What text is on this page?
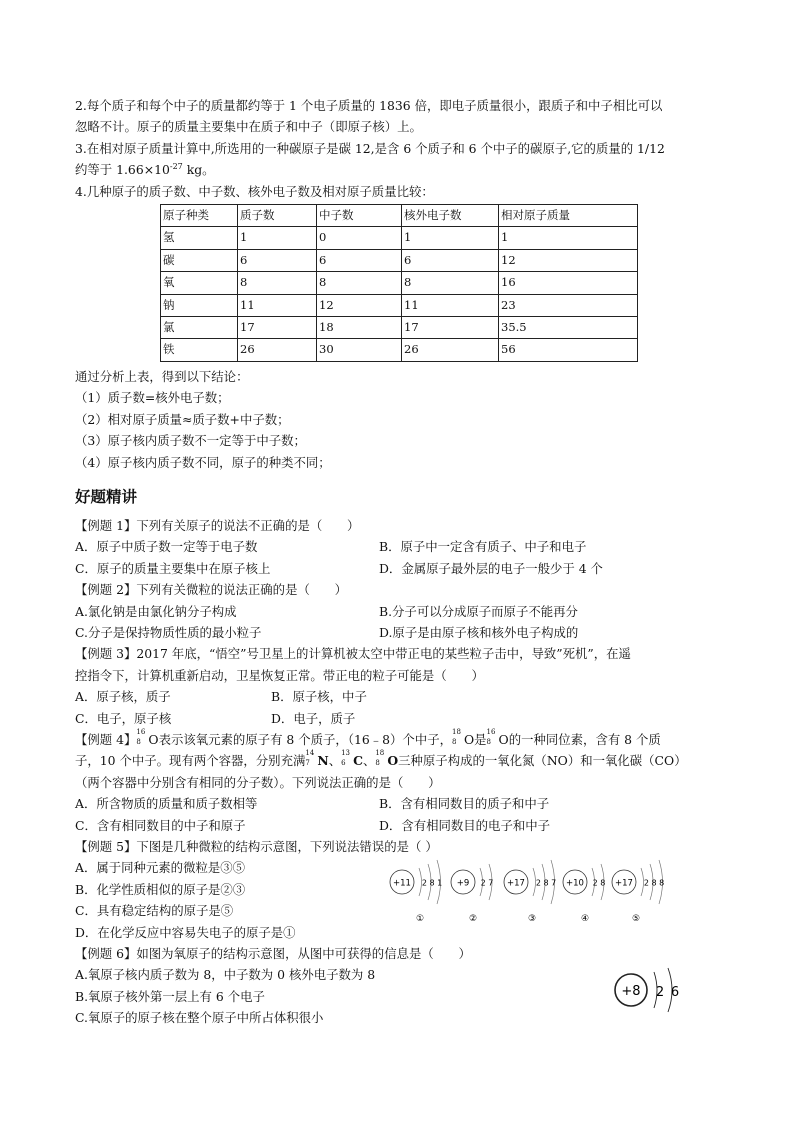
2.每个质子和每个中子的质量都约等于 1 个电子质量的 1836 倍，即电子质量很小，跟质子和中子相比可以
忽略不计。原子的质量主要集中在质子和中子（即原子核）上。
3.在相对原子质量计算中,所选用的一种碳原子是碳 12,是含 6 个质子和 6 个中子的碳原子,它的质量的 1/12
约等于 $1.66\times 10^{-27}$ kg。
4.几种原子的质子数、中子数、核外电子数及相对原子质量比较：
原子种类	质子数	中子数	核外电子数	相对原子质量
氢	1	0	1	1
碳	6	6	6	12
氧	8	8	8	16
钠	11	12	11	23
氯	17	18	17	35.5
铁	26	30	26	56
通过分析上表，得到以下结论：
（1）质子数=核外电子数；
（2）相对原子质量≈质子数+中子数；
（3）原子核内质子数不一定等于中子数；
（4）原子核内质子数不同，原子的种类不同；
好题精讲
【例题 1】下列有关原子的说法不正确的是（　　）
A．原子中质子数一定等于电子数	B．原子中一定含有质子、中子和电子
C．原子的质量主要集中在原子核上	D．金属原子最外层的电子一般少于 4 个
【例题 2】下列有关微粒的说法正确的是（　　）
A.氯化钠是由氯化钠分子构成	B.分子可以分成原子而原子不能再分
C.分子是保持物质性质的最小粒子	D.原子是由原子核和核外电子构成的
【例题 3】2017 年底，“悟空”号卫星上的计算机被太空中带正电的某些粒子击中，导致”死机”，在遥
控指令下，计算机重新启动，卫星恢复正常。带正电的粒子可能是（　　）
A．原子核，质子	B．原子核，中子
C．电子，原子核	D．电子，质子
【例题 4】 16
8 O表示该氧元素的原子有 8 个质子，（16﹣8）个中子， 18
8 O是 16
8 O的一种同位素，含有 8 个质
子，10 个中子。现有两个容器，分别充满 14
7 N、 13
6 C、 18
8 O三种原子构成的一氧化氮（NO）和一氧化碳（CO）
（两个容器中分别含有相同的分子数）。下列说法正确的是（　　）
A．所含物质的质量和质子数相等	B．含有相同数目的质子和中子
C．含有相同数目的中子和原子	D．含有相同数目的电子和中子
【例题 5】下图是几种微粒的结构示意图，下列说法错误的是（ ）
A．属于同种元素的微粒是③⑤
B．化学性质相似的原子是②③
C．具有稳定结构的原子是⑤
D．在化学反应中容易失电子的原子是①
【例题 6】如图为氧原子的结构示意图，从图中可获得的信息是（　　）
A.氧原子核内质子数为 8，中子数为 0 核外电子数为 8
B.氧原子核外第一层上有 6 个电子
C.氧原子的原子核在整个原子中所占体积很小
+11 2 8 1
①
+9 2 7
②
+17 2 8 7
③
+10 2 8
④
+17 2 8 8
⑤
+8 2 6
